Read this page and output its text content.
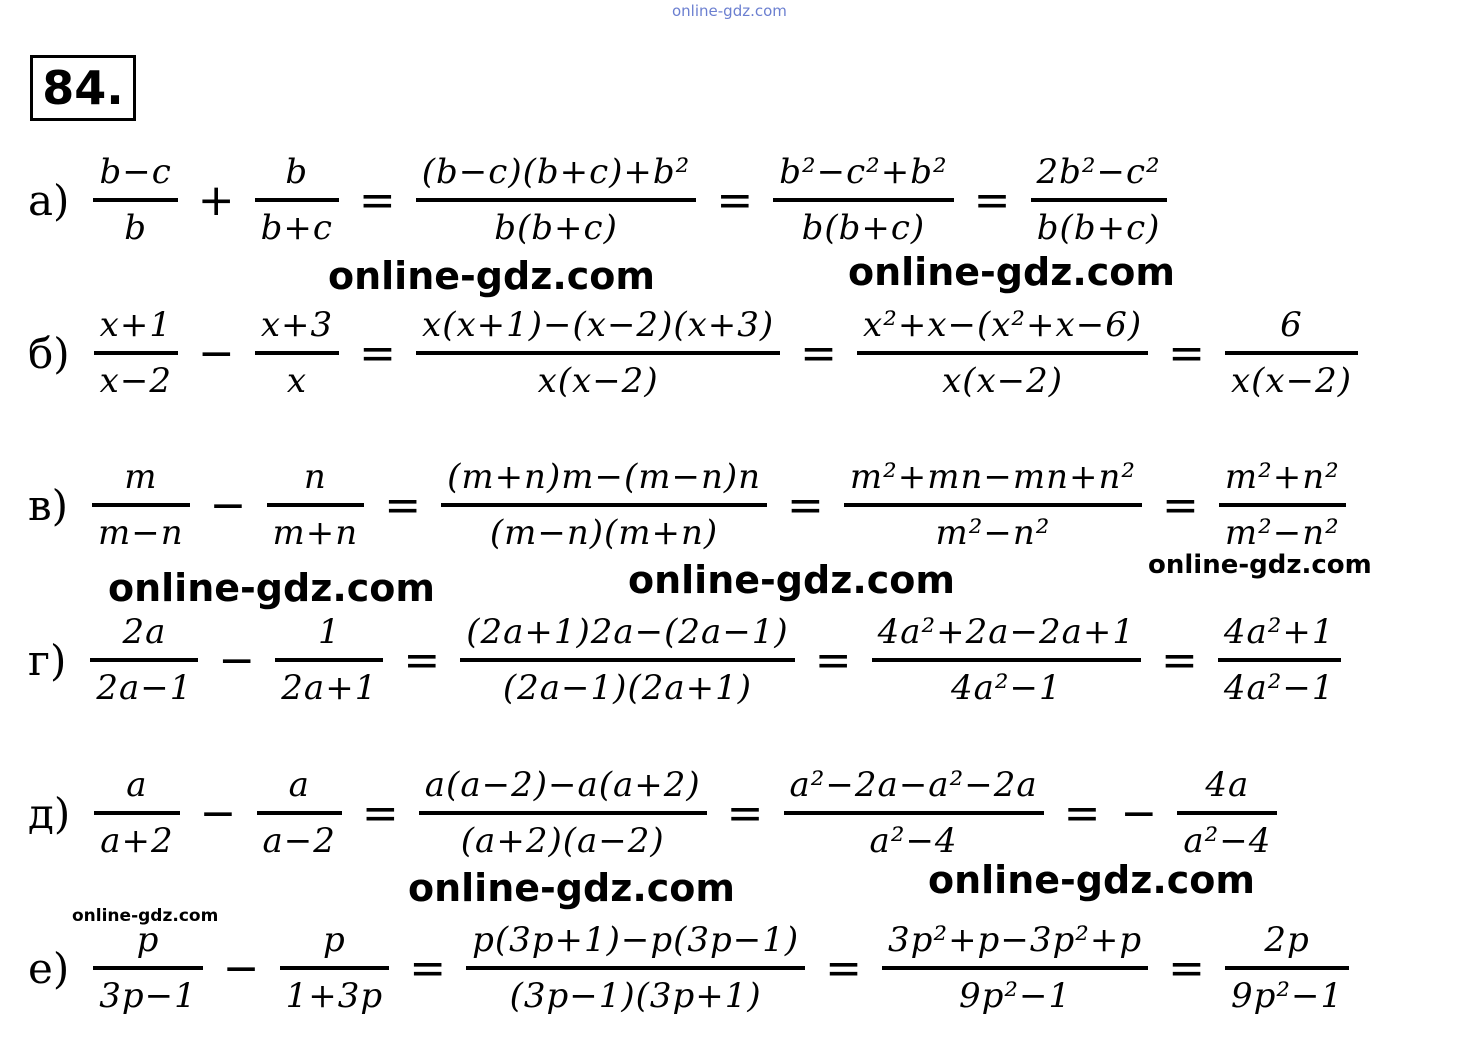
online-gdz.com
84.
$а) \frac{b-c}{b} + \frac{b}{b+c} = \frac{\text{(b−c)(b+c)+b²}}{b(b+c)} = \frac{\text{b²−c²+b²}}{b(b+c)} = \frac{\text{2b²−c²}}{b(b+c)}$
$б) \frac{x+1}{x-2} - \frac{x+3}{x} = \frac{x(x+1)-(x-2)(x+3)}{x(x-2)} = \frac{\text{x²+x−(x²+x−6)}}{x(x-2)} = \frac{6}{x(x-2)}$
$в) \frac{m}{m-n} - \frac{n}{m+n} = \frac{(m+n)m-(m-n)n}{(m-n)(m+n)} = \frac{\text{m²+mn−mn+n²}}{\text{m²−n²}} = \frac{\text{m²+n²}}{\text{m²−n²}}$
$г) \frac{2a}{2a-1} - \frac{1}{2a+1} = \frac{(2a+1)2a-(2a-1)}{(2a-1)(2a+1)} = \frac{\text{4a²+2a−2a+1}}{\text{4a²−1}} = \frac{\text{4a²+1}}{\text{4a²−1}}$
$д) \frac{a}{a+2} - \frac{a}{a-2} = \frac{a(a-2)-a(a+2)}{(a+2)(a-2)} = \frac{\text{a²−2a−a²−2a}}{\text{a²−4}}$ = − $\frac{4a}{\text{a²−4}}$
$е) \frac{p}{3p-1} - \frac{p}{1+3p} = \frac{p(3p+1)-p(3p-1)}{(3p-1)(3p+1)} = \frac{\text{3p²+p−3p²+p}}{\text{9p²−1}} = \frac{2p}{\text{9p²−1}}$
online-gdz.com	online-gdz.com
online-gdz.com	online-gdz.com	online-gdz.com
online-gdz.com	online-gdz.com
online-gdz.com
